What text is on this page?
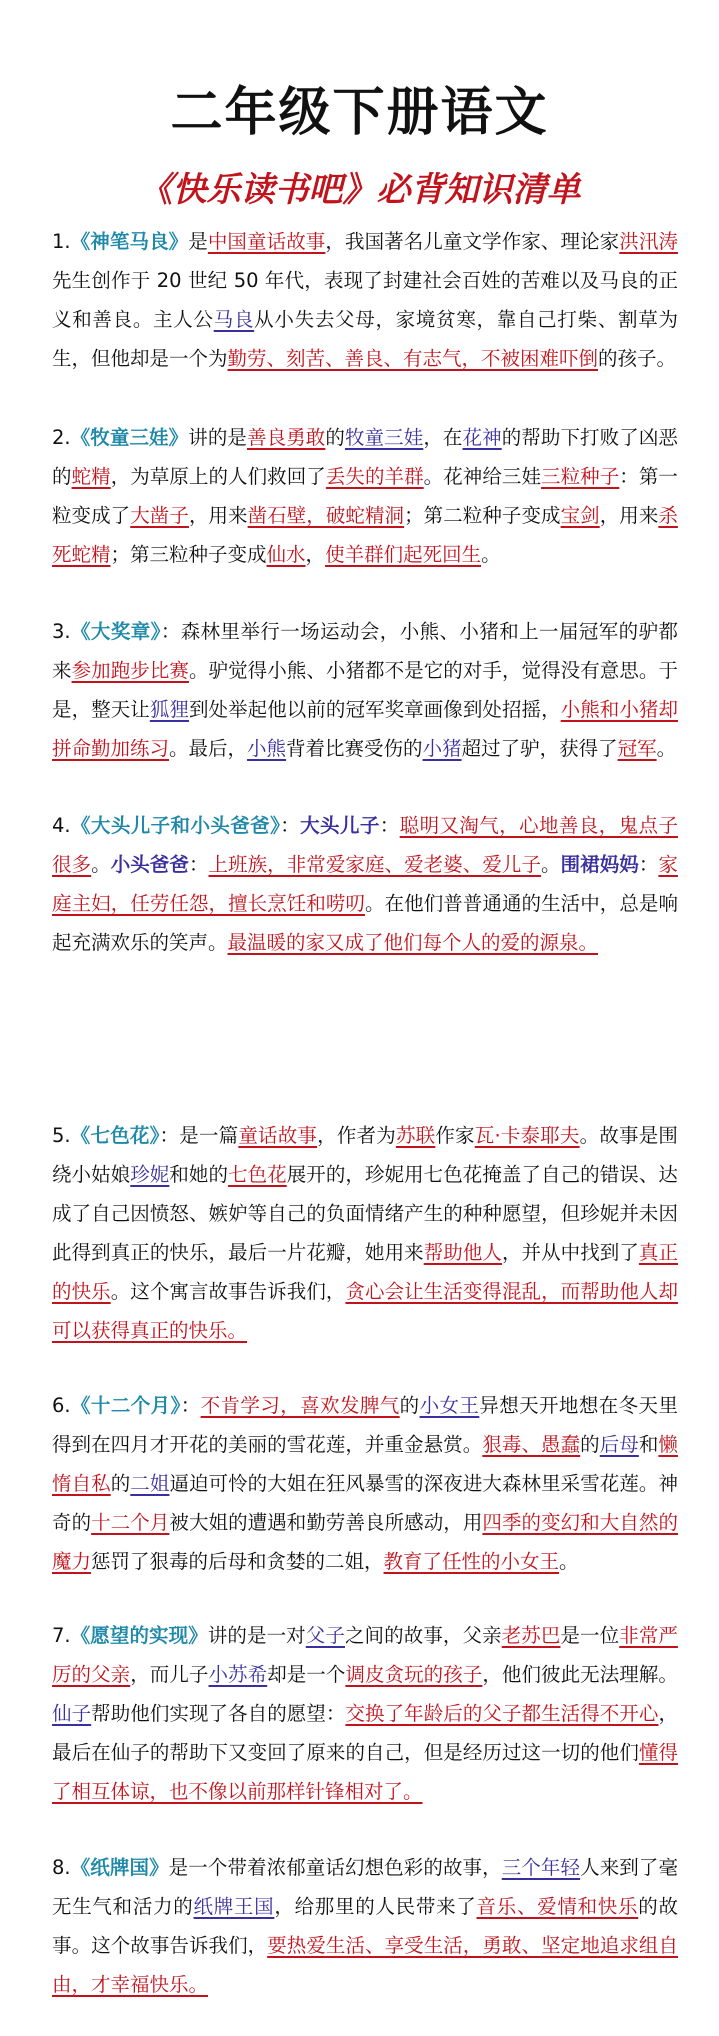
二年级下册语文
《快乐读书吧》必背知识清单
1.《神笔马良》是中国童话故事，我国著名儿童文学作家、理论家洪汛涛先生创作于 20 世纪 50 年代，表现了封建社会百姓的苦难以及马良的正义和善良。主人公马良从小失去父母，家境贫寒，靠自己打柴、割草为生，但他却是一个为勤劳、刻苦、善良、有志气，不被困难吓倒的孩子。
2.《牧童三娃》讲的是善良勇敢的牧童三娃，在花神的帮助下打败了凶恶的蛇精，为草原上的人们救回了丢失的羊群。花神给三娃三粒种子：第一粒变成了大凿子，用来凿石壁，破蛇精洞；第二粒种子变成宝剑，用来杀死蛇精；第三粒种子变成仙水，使羊群们起死回生。
3.《大奖章》：森林里举行一场运动会，小熊、小猪和上一届冠军的驴都来参加跑步比赛。驴觉得小熊、小猪都不是它的对手，觉得没有意思。于是，整天让狐狸到处举起他以前的冠军奖章画像到处招摇，小熊和小猪却拼命勤加练习。最后，小熊背着比赛受伤的小猪超过了驴，获得了冠军。
4.《大头儿子和小头爸爸》：大头儿子：聪明又淘气，心地善良，鬼点子很多。小头爸爸：上班族，非常爱家庭、爱老婆、爱儿子。围裙妈妈：家庭主妇，任劳任怨，擅长烹饪和唠叨。在他们普普通通的生活中，总是响起充满欢乐的笑声。最温暖的家又成了他们每个人的爱的源泉。
5.《七色花》：是一篇童话故事，作者为苏联作家瓦·卡泰耶夫。故事是围绕小姑娘珍妮和她的七色花展开的，珍妮用七色花掩盖了自己的错误、达成了自己因愤怒、嫉妒等自己的负面情绪产生的种种愿望，但珍妮并未因此得到真正的快乐，最后一片花瓣，她用来帮助他人，并从中找到了真正的快乐。这个寓言故事告诉我们，贪心会让生活变得混乱，而帮助他人却可以获得真正的快乐。
6.《十二个月》：不肯学习，喜欢发脾气的小女王异想天开地想在冬天里得到在四月才开花的美丽的雪花莲，并重金悬赏。狠毒、愚蠢的后母和懒惰自私的二姐逼迫可怜的大姐在狂风暴雪的深夜进大森林里采雪花莲。神奇的十二个月被大姐的遭遇和勤劳善良所感动，用四季的变幻和大自然的魔力惩罚了狠毒的后母和贪婪的二姐，教育了任性的小女王。
7.《愿望的实现》讲的是一对父子之间的故事，父亲老苏巴是一位非常严厉的父亲，而儿子小苏希却是一个调皮贪玩的孩子，他们彼此无法理解。仙子帮助他们实现了各自的愿望：交换了年龄后的父子都生活得不开心，最后在仙子的帮助下又变回了原来的自己，但是经历过这一切的他们懂得了相互体谅，也不像以前那样针锋相对了。
8.《纸牌国》是一个带着浓郁童话幻想色彩的故事，三个年轻人来到了毫无生气和活力的纸牌王国，给那里的人民带来了音乐、爱情和快乐的故事。这个故事告诉我们，要热爱生活、享受生活，勇敢、坚定地追求组自由，才幸福快乐。
